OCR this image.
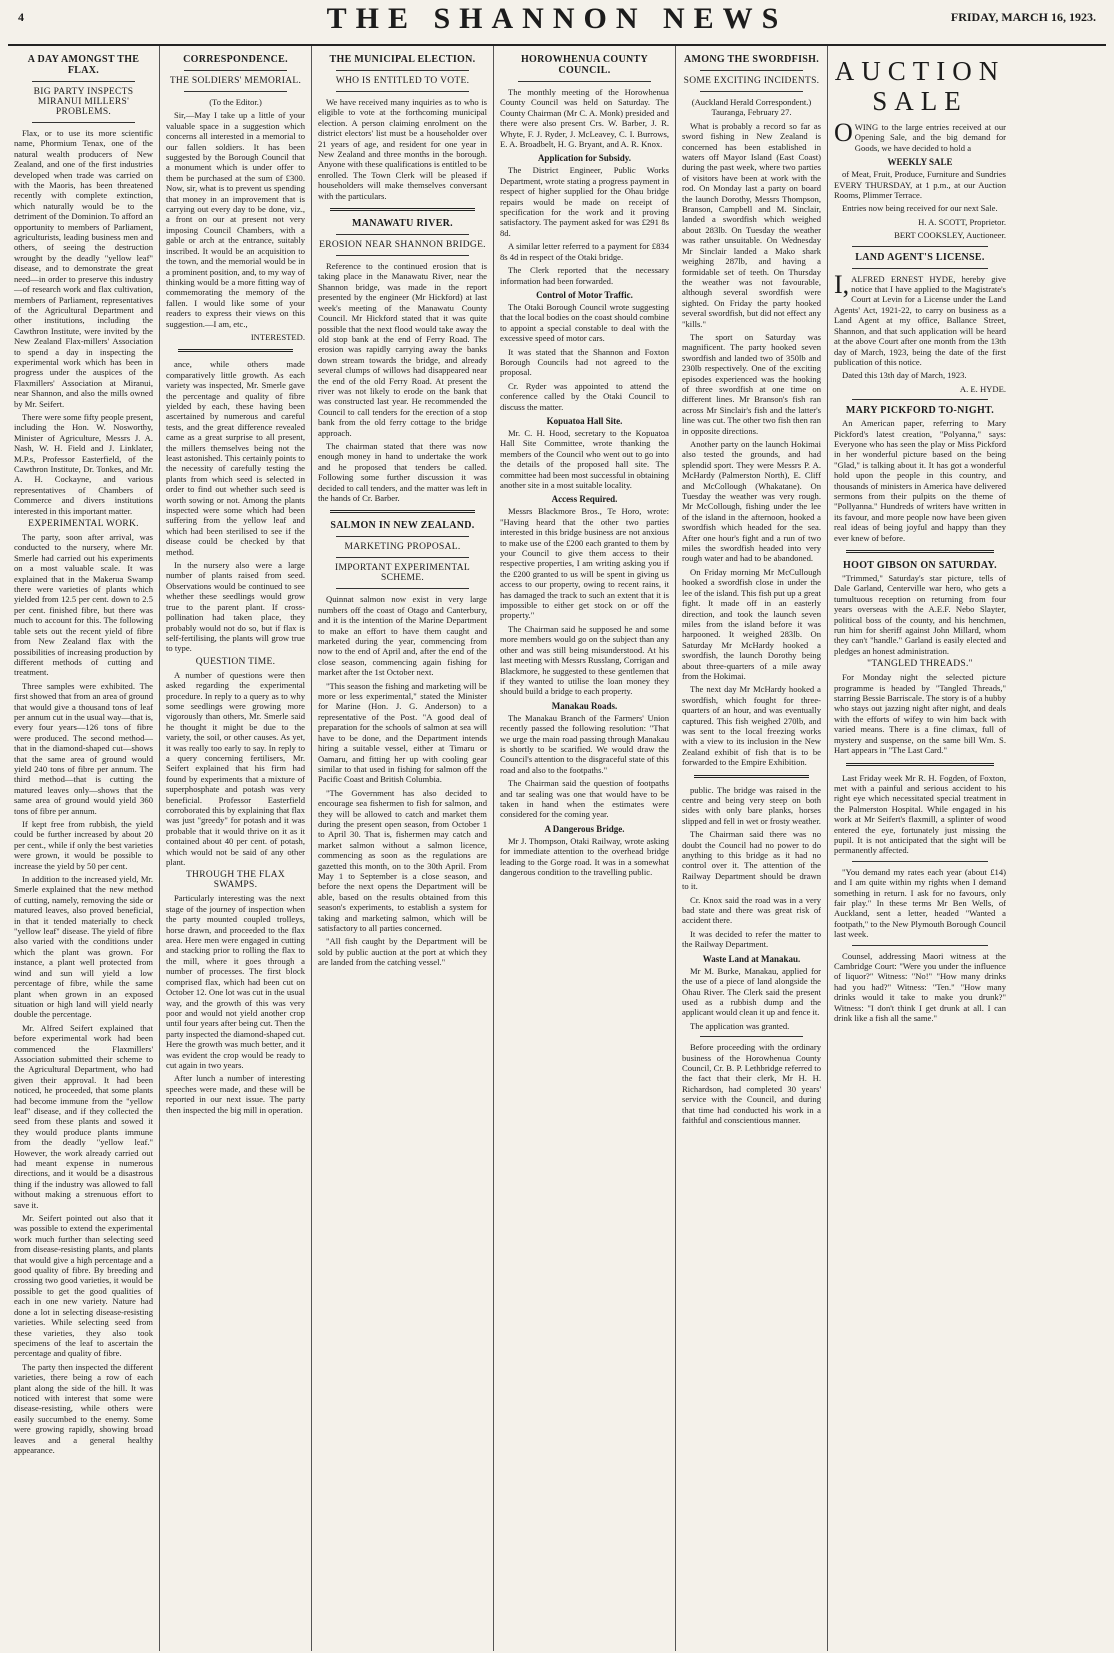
4	THE SHANNON NEWS	FRIDAY, MARCH 16, 1923.
A DAY AMONGST THE FLAX.
BIG PARTY INSPECTS MIRANUI MILLERS' PROBLEMS.

Flax, or to use its more scientific name, Phormium Tenax, one of the natural wealth producers of New Zealand, and one of the first industries developed when trade was carried on with the Maoris, has been threatened recently with complete extinction, which naturally would be to the detriment of the Dominion. To afford an opportunity to members of Parliament, agriculturists, leading business men and others, of seeing the destruction wrought by the deadly "yellow leaf" disease, and to demonstrate the great need—in order to preserve this industry—of research work and flax cultivation, members of Parliament, representatives of the Agricultural Department and other institutions, including the Cawthron Institute, were invited by the New Zealand Flax-millers' Association to spend a day in inspecting the experimental work which has been in progress under the auspices of the Flaxmillers' Association at Miranui, near Shannon, and also the mills owned by Mr. Seifert.

There were some fifty people present, including the Hon. W. Nosworthy, Minister of Agriculture, Messrs J. A. Nash, W. H. Field and J. Linklater, M.P.s, Professor Easterfield, of the Cawthron Institute, Dr. Tonkes, and Mr. A. H. Cockayne, and various representatives of Chambers of Commerce and divers institutions interested in this important matter.

EXPERIMENTAL WORK.

The party, soon after arrival, was conducted to the nursery, where Mr. Smerle had carried out his experiments on a most valuable scale. It was explained that in the Makerua Swamp there were varieties of plants which yielded from 12.5 per cent. down to 2.5 per cent. finished fibre, but there was much to account for this. The following table sets out the recent yield of fibre from New Zealand flax with the possibilities of increasing production by different methods of cutting and treatment.

Three samples were exhibited. The first showed that from an area of ground that would give a thousand tons of leaf per annum cut in the usual way—that is, every four years—126 tons of fibre were produced. The second method—that in the diamond-shaped cut—shows that the same area of ground would yield 240 tons of fibre per annum. The third method—that is cutting the matured leaves only—shows that the same area of ground would yield 360 tons of fibre per annum.

If kept free from rubbish, the yield could be further increased by about 20 per cent., while if only the best varieties were grown, it would be possible to increase the yield by 50 per cent.

In addition to the increased yield, Mr. Smerle explained that the new method of cutting, namely, removing the side or matured leaves, also proved beneficial, in that it tended materially to check "yellow leaf" disease. The yield of fibre also varied with the conditions under which the plant was grown. For instance, a plant well protected from wind and sun will yield a low percentage of fibre, while the same plant when grown in an exposed situation or high land will yield nearly double the percentage.

Mr. Alfred Seifert explained that before experimental work had been commenced the Flaxmillers' Association submitted their scheme to the Agricultural Department, who had given their approval. It had been noticed, he proceeded, that some plants had become immune from the "yellow leaf" disease, and if they collected the seed from these plants and sowed it they would produce plants immune from the deadly "yellow leaf." However, the work already carried out had meant expense in numerous directions, and it would be a disastrous thing if the industry was allowed to fall without making a strenuous effort to save it.

Mr. Seifert pointed out also that it was possible to extend the experimental work much further than selecting seed from disease-resisting plants, and plants that would give a high percentage and a good quality of fibre. By breeding and crossing two good varieties, it would be possible to get the good qualities of each in one new variety. Nature had done a lot in selecting disease-resisting varieties. While selecting seed from these varieties, they also took specimens of the leaf to ascertain the percentage and quality of fibre.

The party then inspected the different varieties, there being a row of each plant along the side of the hill. It was noticed with interest that some were disease-resisting, while others were easily succumbed to the enemy. Some were growing rapidly, showing broad leaves and a general healthy appearance.

CORRESPONDENCE.
THE SOLDIERS' MEMORIAL.

(To the Editor.)

Sir,—May I take up a little of your valuable space in a suggestion which concerns all interested in a memorial to our fallen soldiers. It has been suggested by the Borough Council that a monument which is under offer to them be purchased at the sum of £300. Now, sir, what is to prevent us spending that money in an improvement that is carrying out every day to be done, viz., a front on our at present not very imposing Council Chambers, with a gable or arch at the entrance, suitably inscribed. It would be an acquisition to the town, and the memorial would be in a prominent position, and, to my way of thinking would be a more fitting way of commemorating the memory of the fallen. I would like some of your readers to express their views on this suggestion.—I am, etc.,

INTERESTED.

ance, while others made comparatively little growth. As each variety was inspected, Mr. Smerle gave the percentage and quality of fibre yielded by each, these having been ascertained by numerous and careful tests, and the great difference revealed came as a great surprise to all present, the millers themselves being not the least astonished. This certainly points to the necessity of carefully testing the plants from which seed is selected in order to find out whether such seed is worth sowing or not. Among the plants inspected were some which had been suffering from the yellow leaf and which had been sterilised to see if the disease could be checked by that method.

In the nursery also were a large number of plants raised from seed. Observations would be continued to see whether these seedlings would grow true to the parent plant. If cross-pollination had taken place, they probably would not do so, but if flax is self-fertilising, the plants will grow true to type.

QUESTION TIME.

A number of questions were then asked regarding the experimental procedure. In reply to a query as to why some seedlings were growing more vigorously than others, Mr. Smerle said he thought it might be due to the variety, the soil, or other causes. As yet, it was really too early to say. In reply to a query concerning fertilisers, Mr. Seifert explained that his firm had found by experiments that a mixture of superphosphate and potash was very beneficial. Professor Easterfield corroborated this by explaining that flax was just "greedy" for potash and it was probable that it would thrive on it as it contained about 40 per cent. of potash, which would not be said of any other plant.

THROUGH THE FLAX SWAMPS.

Particularly interesting was the next stage of the journey of inspection when the party mounted coupled trolleys, horse drawn, and proceeded to the flax area. Here men were engaged in cutting and stacking prior to rolling the flax to the mill, where it goes through a number of processes. The first block comprised flax, which had been cut on October 12. One lot was cut in the usual way, and the growth of this was very poor and would not yield another crop until four years after being cut. Then the party inspected the diamond-shaped cut. Here the growth was much better, and it was evident the crop would be ready to cut again in two years.

After lunch a number of interesting speeches were made, and these will be reported in our next issue. The party then inspected the big mill in operation.

THE MUNICIPAL ELECTION.
WHO IS ENTITLED TO VOTE.

We have received many inquiries as to who is eligible to vote at the forthcoming municipal election. A person claiming enrolment on the district electors' list must be a householder over 21 years of age, and resident for one year in New Zealand and three months in the borough. Anyone with these qualifications is entitled to be enrolled. The Town Clerk will be pleased if householders will make themselves conversant with the particulars.

MANAWATU RIVER.
EROSION NEAR SHANNON BRIDGE.

Reference to the continued erosion that is taking place in the Manawatu River, near the Shannon bridge, was made in the report presented by the engineer (Mr Hickford) at last week's meeting of the Manawatu County Council. Mr Hickford stated that it was quite possible that the next flood would take away the old stop bank at the end of Ferry Road. The erosion was rapidly carrying away the banks down stream towards the bridge, and already several clumps of willows had disappeared near the end of the old Ferry Road. At present the river was not likely to erode on the bank that was constructed last year. He recommended the Council to call tenders for the erection of a stop bank from the old ferry cottage to the bridge approach.

The chairman stated that there was now enough money in hand to undertake the work and he proposed that tenders be called. Following some further discussion it was decided to call tenders, and the matter was left in the hands of Cr. Barber.

SALMON IN NEW ZEALAND.
MARKETING PROPOSAL.
IMPORTANT EXPERIMENTAL SCHEME.

Quinnat salmon now exist in very large numbers off the coast of Otago and Canterbury, and it is the intention of the Marine Department to make an effort to have them caught and marketed during the year, commencing from now to the end of April and, after the end of the close season, commencing again fishing for market after the 1st October next.

"This season the fishing and marketing will be more or less experimental," stated the Minister for Marine (Hon. J. G. Anderson) to a representative of the Post. "A good deal of preparation for the schools of salmon at sea will have to be done, and the Department intends hiring a suitable vessel, either at Timaru or Oamaru, and fitting her up with cooling gear similar to that used in fishing for salmon off the Pacific Coast and British Columbia.

"The Government has also decided to encourage sea fishermen to fish for salmon, and they will be allowed to catch and market them during the present open season, from October 1 to April 30. That is, fishermen may catch and market salmon without a salmon licence, commencing as soon as the regulations are gazetted this month, on to the 30th April. From May 1 to September is a close season, and before the next opens the Department will be able, based on the results obtained from this season's experiments, to establish a system for taking and marketing salmon, which will be satisfactory to all parties concerned.

"All fish caught by the Department will be sold by public auction at the port at which they are landed from the catching vessel."

HOROWHENUA COUNTY COUNCIL.

The monthly meeting of the Horowhenua County Council was held on Saturday. The County Chairman (Mr C. A. Monk) presided and there were also present Crs. W. Barber, J. R. Whyte, F. J. Ryder, J. McLeavey, C. I. Burrows, E. A. Broadbelt, H. G. Bryant, and A. R. Knox.

Application for Subsidy.

The District Engineer, Public Works Department, wrote stating a progress payment in respect of higher supplied for the Ohau bridge repairs would be made on receipt of specification for the work and it proving satisfactory. The payment asked for was £291 8s 8d.

A similar letter referred to a payment for £834 8s 4d in respect of the Otaki bridge.

The Clerk reported that the necessary information had been forwarded.

Control of Motor Traffic.

The Otaki Borough Council wrote suggesting that the local bodies on the coast should combine to appoint a special constable to deal with the excessive speed of motor cars.

It was stated that the Shannon and Foxton Borough Councils had not agreed to the proposal.

Cr. Ryder was appointed to attend the conference called by the Otaki Council to discuss the matter.

Kopuatoa Hall Site.

Mr. C. H. Hood, secretary to the Kopuatoa Hall Site Committee, wrote thanking the members of the Council who went out to go into the details of the proposed hall site. The committee had been most successful in obtaining another site in a most suitable locality.

Access Required.

Messrs Blackmore Bros., Te Horo, wrote: "Having heard that the other two parties interested in this bridge business are not anxious to make use of the £200 each granted to them by your Council to give them access to their respective properties, I am writing asking you if the £200 granted to us will be spent in giving us access to our property, owing to recent rains, it has damaged the track to such an extent that it is impossible to either get stock on or off the property."

The Chairman said he supposed he and some more members would go on the subject than any other and was still being misunderstood. At his last meeting with Messrs Russlang, Corrigan and Blackmore, he suggested to these gentlemen that if they wanted to utilise the loan money they should build a bridge to each property.

Manakau Roads.

The Manakau Branch of the Farmers' Union recently passed the following resolution: "That we urge the main road passing through Manakau is shortly to be scarified. We would draw the Council's attention to the disgraceful state of this road and also to the footpaths."

The Chairman said the question of footpaths and tar sealing was one that would have to be taken in hand when the estimates were considered for the coming year.

A Dangerous Bridge.

Mr J. Thompson, Otaki Railway, wrote asking for immediate attention to the overhead bridge leading to the Gorge road. It was in a somewhat dangerous condition to the travelling public.

AMONG THE SWORDFISH.
SOME EXCITING INCIDENTS.

(Auckland Herald Correspondent.) Tauranga, February 27.

What is probably a record so far as sword fishing in New Zealand is concerned has been established in waters off Mayor Island (East Coast) during the past week, where two parties of visitors have been at work with the rod. On Monday last a party on board the launch Dorothy, Messrs Thompson, Branson, Campbell and M. Sinclair, landed a swordfish which weighed about 283lb. On Tuesday the weather was rather unsuitable. On Wednesday Mr Sinclair landed a Mako shark weighing 287lb, and having a formidable set of teeth. On Thursday the weather was not favourable, although several swordfish were sighted. On Friday the party hooked several swordfish, but did not effect any "kills."

The sport on Saturday was magnificent. The party hooked seven swordfish and landed two of 350lb and 230lb respectively. One of the exciting episodes experienced was the hooking of three swordfish at one time on different lines. Mr Branson's fish ran across Mr Sinclair's fish and the latter's line was cut. The other two fish then ran in opposite directions.

Another party on the launch Hokimai also tested the grounds, and had splendid sport. They were Messrs P. A. McHardy (Palmerston North), E. Cliff and McCollough (Whakatane). On Tuesday the weather was very rough. Mr McCollough, fishing under the lee of the island in the afternoon, hooked a swordfish which headed for the sea. After one hour's fight and a run of two miles the swordfish headed into very rough water and had to be abandoned.

On Friday morning Mr McCullough hooked a swordfish close in under the lee of the island. This fish put up a great fight. It made off in an easterly direction, and took the launch seven miles from the island before it was harpooned. It weighed 283lb. On Saturday Mr McHardy hooked a swordfish, the launch Dorothy being about three-quarters of a mile away from the Hokimai.

The next day Mr McHardy hooked a swordfish, which fought for three-quarters of an hour, and was eventually captured. This fish weighed 270lb, and was sent to the local freezing works with a view to its inclusion in the New Zealand exhibit of fish that is to be forwarded to the Empire Exhibition.

public. The bridge was raised in the centre and being very steep on both sides with only bare planks, horses slipped and fell in wet or frosty weather.

The Chairman said there was no doubt the Council had no power to do anything to this bridge as it had no control over it. The attention of the Railway Department should be drawn to it.

Cr. Knox said the road was in a very bad state and there was great risk of accident there.

It was decided to refer the matter to the Railway Department.

Waste Land at Manakau.

Mr M. Burke, Manakau, applied for the use of a piece of land alongside the Ohau River. The Clerk said the present used as a rubbish dump and the applicant would clean it up and fence it.

The application was granted.

Before proceeding with the ordinary business of the Horowhenua County Council, Cr. B. P. Lethbridge referred to the fact that their clerk, Mr H. H. Richardson, had completed 30 years' service with the Council, and during that time had conducted his work in a faithful and conscientious manner.

AUCTION
SALE

OWING to the large entries received at our Opening Sale, and the big demand for Goods, we have decided to hold a

WEEKLY SALE

of Meat, Fruit, Produce, Furniture and Sundries EVERY THURSDAY, at 1 p.m., at our Auction Rooms, Plimmer Terrace.

Entries now being received for our next Sale.

H. A. SCOTT, Proprietor.

BERT COOKSLEY, Auctioneer.

LAND AGENT'S LICENSE.

I, ALFRED ERNEST HYDE, hereby give notice that I have applied to the Magistrate's Court at Levin for a License under the Land Agents' Act, 1921-22, to carry on business as a Land Agent at my office, Ballance Street, Shannon, and that such application will be heard at the above Court after one month from the 13th day of March, 1923, being the date of the first publication of this notice.

Dated this 13th day of March, 1923.

A. E. HYDE.

MARY PICKFORD TO-NIGHT.

An American paper, referring to Mary Pickford's latest creation, "Polyanna," says: Everyone who has seen the play or Miss Pickford in her wonderful picture based on the being "Glad," is talking about it. It has got a wonderful hold upon the people in this country, and thousands of ministers in America have delivered sermons from their pulpits on the theme of "Pollyanna." Hundreds of writers have written in its favour, and more people now have been given real ideas of being joyful and happy than they ever knew of before.

HOOT GIBSON ON SATURDAY.

"Trimmed," Saturday's star picture, tells of Dale Garland, Centerville war hero, who gets a tumultuous reception on returning from four years overseas with the A.E.F. Nebo Slayter, political boss of the county, and his henchmen, run him for sheriff against John Millard, whom they can't "handle." Garland is easily elected and pledges an honest administration.

"TANGLED THREADS."

For Monday night the selected picture programme is headed by "Tangled Threads," starring Bessie Barriscale. The story is of a hubby who stays out jazzing night after night, and deals with the efforts of wifey to win him back with varied means. There is a fine climax, full of mystery and suspense, on the same bill Wm. S. Hart appears in "The Last Card."

Last Friday week Mr R. H. Fogden, of Foxton, met with a painful and serious accident to his right eye which necessitated special treatment in the Palmerston Hospital. While engaged in his work at Mr Seifert's flaxmill, a splinter of wood entered the eye, fortunately just missing the pupil. It is not anticipated that the sight will be permanently affected.

"You demand my rates each year (about £14) and I am quite within my rights when I demand something in return. I ask for no favours, only fair play." In these terms Mr Ben Wells, of Auckland, sent a letter, headed "Wanted a footpath," to the New Plymouth Borough Council last week.

Counsel, addressing Maori witness at the Cambridge Court: "Were you under the influence of liquor?" Witness: "No!" "How many drinks had you had?" Witness: "Ten." "How many drinks would it take to make you drunk?" Witness: "I don't think I get drunk at all. I can drink like a fish all the same."
